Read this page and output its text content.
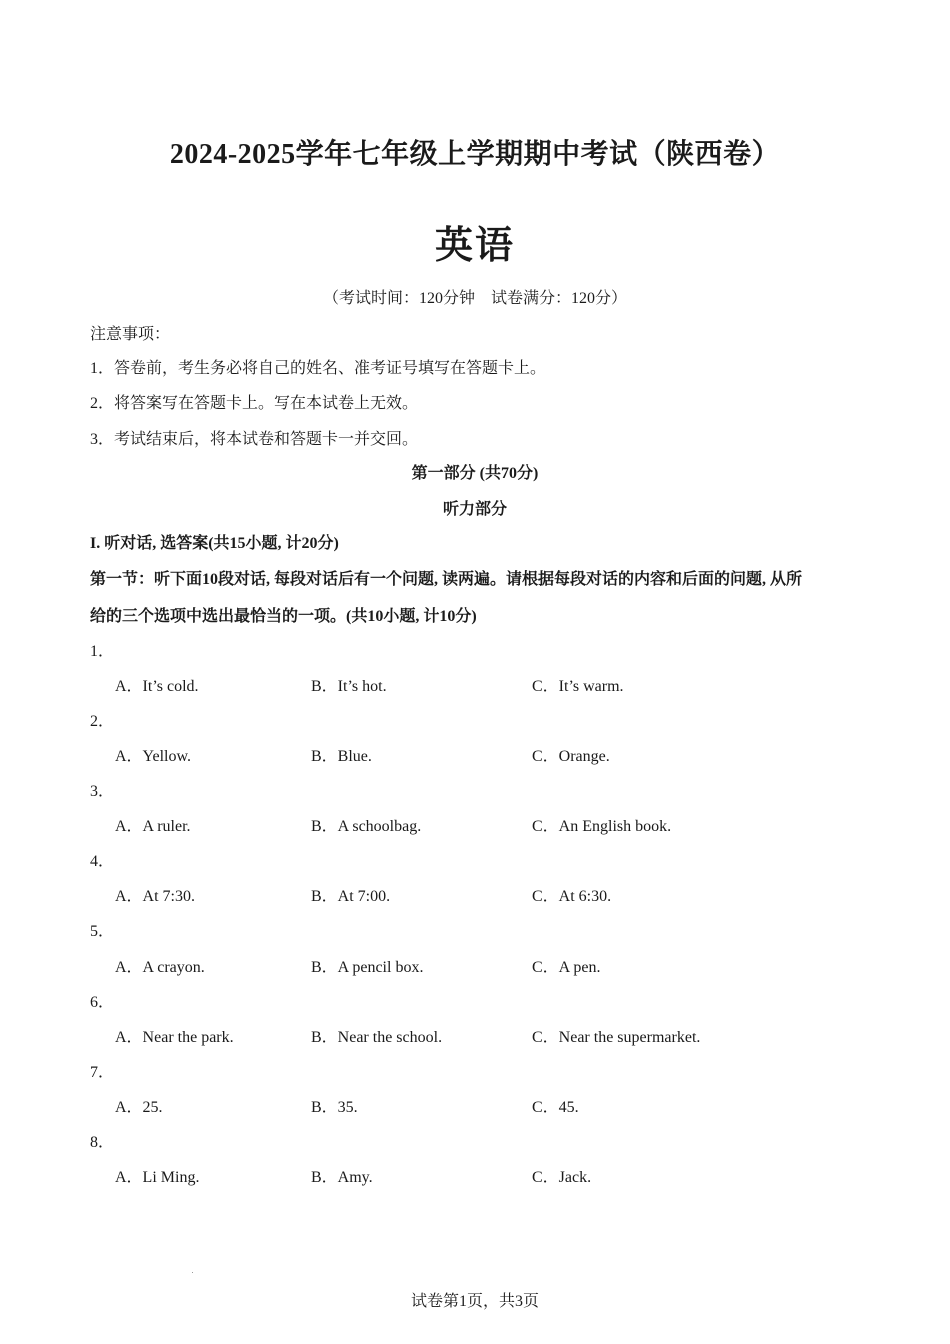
2024-2025学年七年级上学期期中考试（陕西卷）
英语
（考试时间：120分钟　试卷满分：120分）
注意事项：
1．答卷前，考生务必将自己的姓名、准考证号填写在答题卡上。
2．将答案写在答题卡上。写在本试卷上无效。
3．考试结束后，将本试卷和答题卡一并交回。
第一部分 (共70分)
听力部分
I. 听对话, 选答案(共15小题, 计20分)
第一节：听下面10段对话, 每段对话后有一个问题, 读两遍。请根据每段对话的内容和后面的问题, 从所
给的三个选项中选出最恰当的一项。(共10小题, 计10分)
1．
A．It’s cold.	B．It’s hot.	C．It’s warm.
2．
A．Yellow.	B．Blue.	C．Orange.
3．
A．A ruler.	B．A schoolbag.	C．An English book.
4．
A．At 7:30.	B．At 7:00.	C．At 6:30.
5．
A．A crayon.	B．A pencil box.	C．A pen.
6．
A．Near the park.	B．Near the school.	C．Near the supermarket.
7．
A．25.	B．35.	C．45.
8．
A．Li Ming.	B．Amy.	C．Jack.
试卷第1页，共3页
